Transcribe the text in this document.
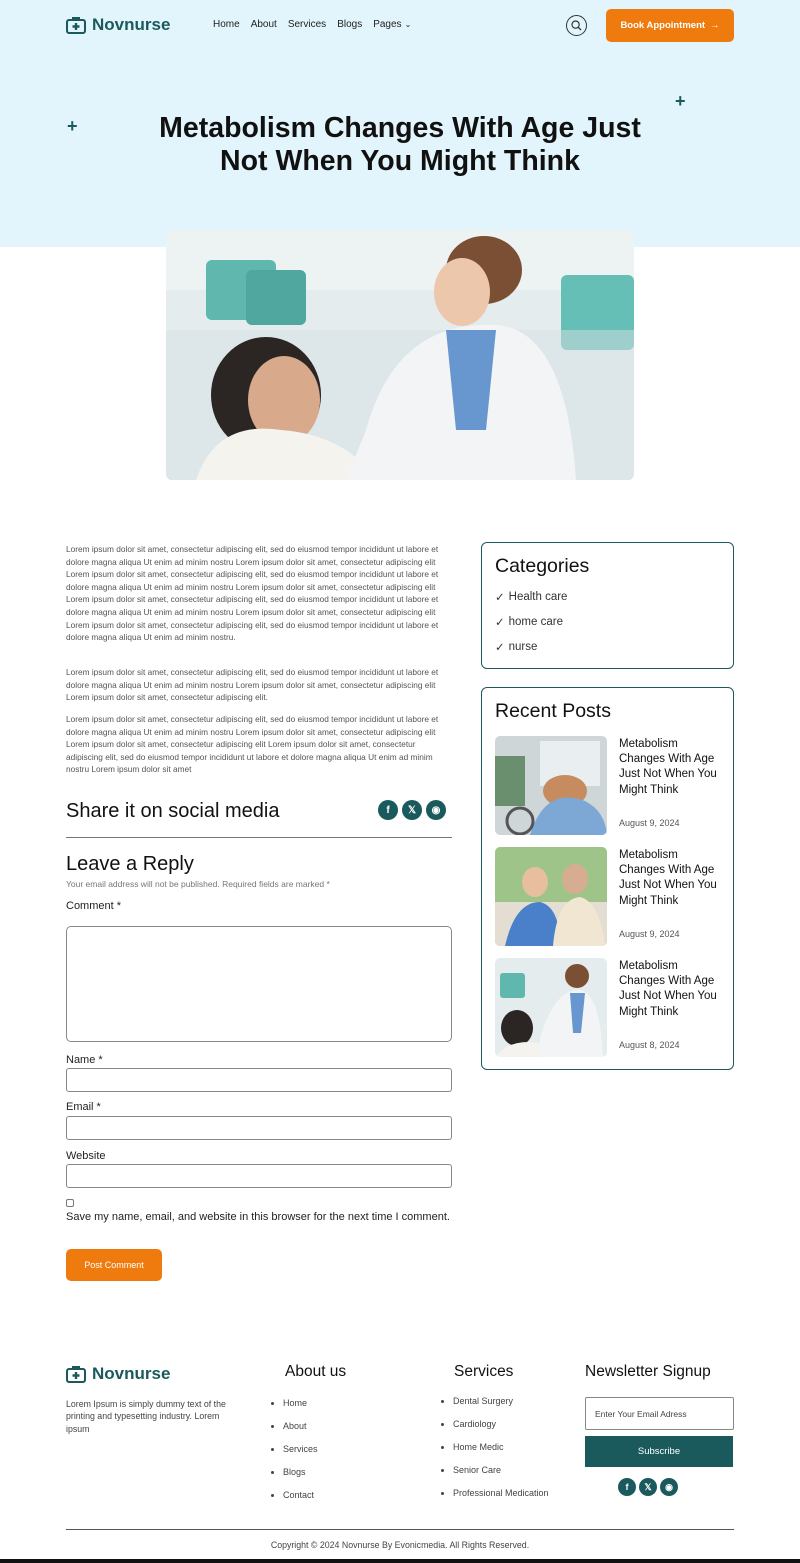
Novnurse	Home About Services Blogs Pages ⌄	Book Appointment →
+
+	Metabolism Changes With Age Just
Not When You Might Think

Lorem ipsum dolor sit amet, consectetur adipiscing elit, sed do eiusmod tempor incididunt ut labore et dolore magna aliqua Ut enim ad minim nostru Lorem ipsum dolor sit amet, consectetur adipiscing elit Lorem ipsum dolor sit amet, consectetur adipiscing elit, sed do eiusmod tempor incididunt ut labore et dolore magna aliqua Ut enim ad minim nostru Lorem ipsum dolor sit amet, consectetur adipiscing elit Lorem ipsum dolor sit amet, consectetur adipiscing elit, sed do eiusmod tempor incididunt ut labore et dolore magna aliqua Ut enim ad minim nostru Lorem ipsum dolor sit amet, consectetur adipiscing elit Lorem ipsum dolor sit amet, consectetur adipiscing elit, sed do eiusmod tempor incididunt ut labore et dolore magna aliqua Ut enim ad minim nostru.

Lorem ipsum dolor sit amet, consectetur adipiscing elit, sed do eiusmod tempor incididunt ut labore et dolore magna aliqua Ut enim ad minim nostru Lorem ipsum dolor sit amet, consectetur adipiscing elit Lorem ipsum dolor sit amet, consectetur adipiscing elit.

Lorem ipsum dolor sit amet, consectetur adipiscing elit, sed do eiusmod tempor incididunt ut labore et dolore magna aliqua Ut enim ad minim nostru Lorem ipsum dolor sit amet, consectetur adipiscing elit Lorem ipsum dolor sit amet, consectetur adipiscing elit Lorem ipsum dolor sit amet, consectetur adipiscing elit, sed do eiusmod tempor incididunt ut labore et dolore magna aliqua Ut enim ad minim nostru Lorem ipsum dolor sit amet

Share it on social media	f	𝕏	◉
Leave a Reply
Your email address will not be published. Required fields are marked *
Comment *
Name *
Email *
Website
Save my name, email, and website in this browser for the next time I comment.
Post Comment
Categories
✓ Health care
✓ home care
✓ nurse
Recent Posts
Metabolism Changes With Age Just Not When You Might Think
August 9, 2024
Metabolism Changes With Age Just Not When You Might Think
August 9, 2024
Metabolism Changes With Age Just Not When You Might Think
August 8, 2024
Novnurse

Lorem Ipsum is simply dummy text of the printing and typesetting industry. Lorem ipsum

About us
• Home
• About
• Services
• Blogs
• Contact
Services
• Dental Surgery
• Cardiology
• Home Medic
• Senior Care
• Professional Medication
Newsletter Signup
Enter Your Email Adress
Subscribe
f	𝕏	◉
Copyright © 2024 Novnurse By Evonicmedia. All Rights Reserved.
